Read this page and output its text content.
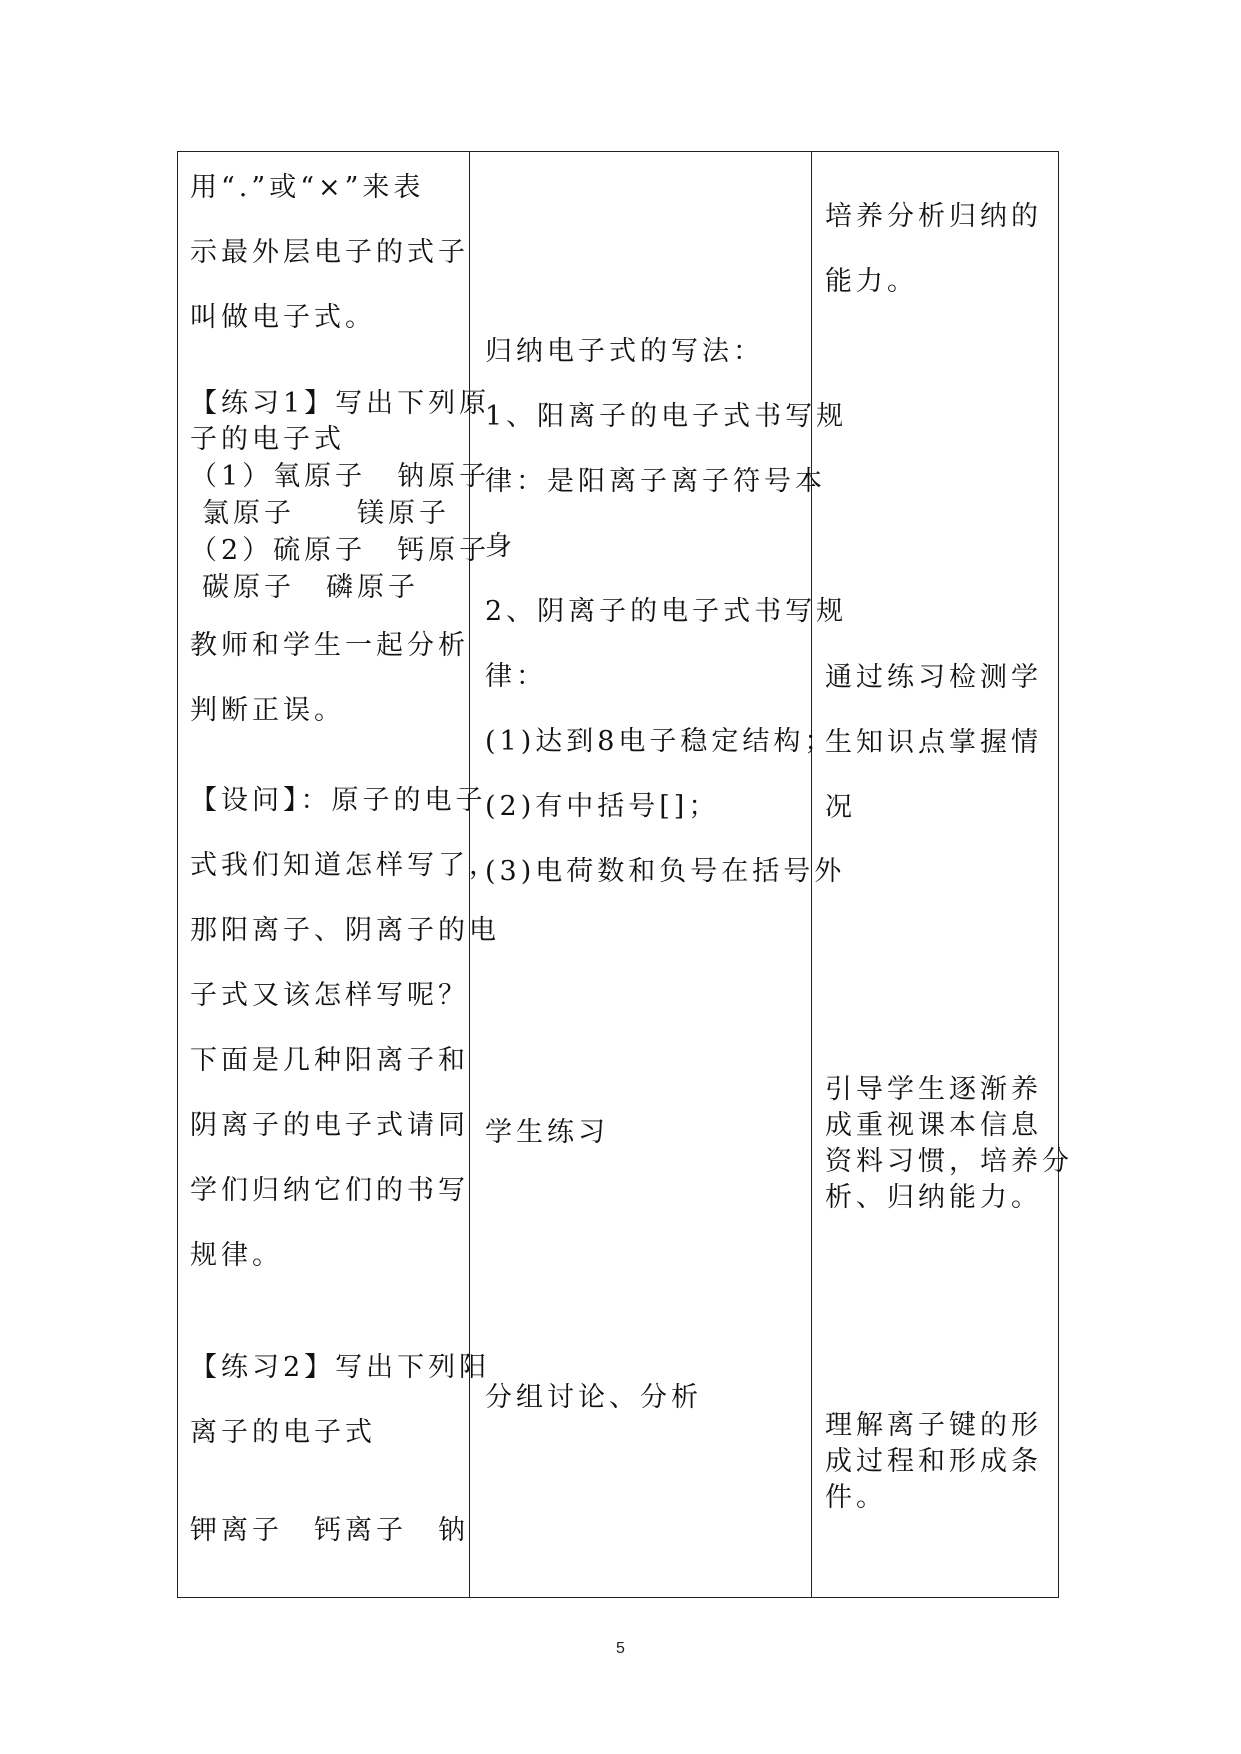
用“.”或“×”来表
示最外层电子的式子
叫做电子式。
【练习1】写出下列原
子的电子式
（1）氧原子　钠原子
氯原子　　镁原子
（2）硫原子　钙原子
碳原子　磷原子
教师和学生一起分析
判断正误。
【设问】：原子的电子
式我们知道怎样写了，
那阳离子、阴离子的电
子式又该怎样写呢？
下面是几种阳离子和
阴离子的电子式请同
学们归纳它们的书写
规律。
【练习2】写出下列阳
离子的电子式
钾离子　钙离子　钠
归纳电子式的写法：
1、阳离子的电子式书写规
律：是阳离子离子符号本
身
2、阴离子的电子式书写规
律：
(1)达到8电子稳定结构；
(2)有中括号[]；
(3)电荷数和负号在括号外
学生练习
分组讨论、分析
培养分析归纳的
能力。
通过练习检测学
生知识点掌握情
况
引导学生逐渐养
成重视课本信息
资料习惯，培养分
析、归纳能力。
理解离子键的形
成过程和形成条
件。
5
